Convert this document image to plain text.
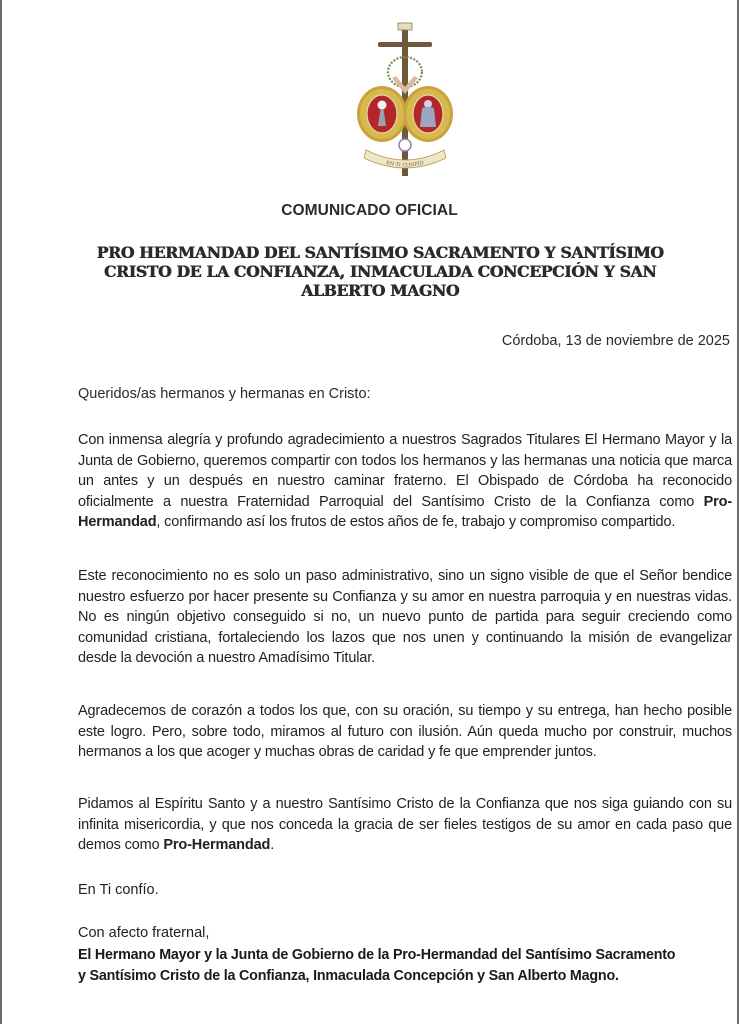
EN TI CONFÍO
COMUNICADO OFICIAL
PRO HERMANDAD DEL SANTÍSIMO SACRAMENTO Y SANTÍSIMO
CRISTO DE LA CONFIANZA, INMACULADA CONCEPCIÓN Y SAN
ALBERTO MAGNO
Córdoba, 13 de noviembre de 2025
Queridos/as hermanos y hermanas en Cristo:
Con inmensa alegría y profundo agradecimiento a nuestros Sagrados Titulares El Hermano Mayor y la Junta de Gobierno, queremos compartir con todos los hermanos y las hermanas una noticia que marca un antes y un después en nuestro caminar fraterno. El Obispado de Córdoba ha reconocido oficialmente a nuestra Fraternidad Parroquial del Santísimo Cristo de la Confianza como Pro-Hermandad, confirmando así los frutos de estos años de fe, trabajo y compromiso compartido.
Este reconocimiento no es solo un paso administrativo, sino un signo visible de que el Señor bendice nuestro esfuerzo por hacer presente su Confianza y su amor en nuestra parroquia y en nuestras vidas. No es ningún objetivo conseguido si no, un nuevo punto de partida para seguir creciendo como comunidad cristiana, fortaleciendo los lazos que nos unen y continuando la misión de evangelizar desde la devoción a nuestro Amadísimo Titular.
Agradecemos de corazón a todos los que, con su oración, su tiempo y su entrega, han hecho posible este logro. Pero, sobre todo, miramos al futuro con ilusión. Aún queda mucho por construir, muchos hermanos a los que acoger y muchas obras de caridad y fe que emprender juntos.
Pidamos al Espíritu Santo y a nuestro Santísimo Cristo de la Confianza que nos siga guiando con su infinita misericordia, y que nos conceda la gracia de ser fieles testigos de su amor en cada paso que demos como Pro-Hermandad.
En Ti confío.
Con afecto fraternal,
El Hermano Mayor y la Junta de Gobierno de la Pro-Hermandad del Santísimo Sacramento
y Santísimo Cristo de la Confianza, Inmaculada Concepción y San Alberto Magno.
